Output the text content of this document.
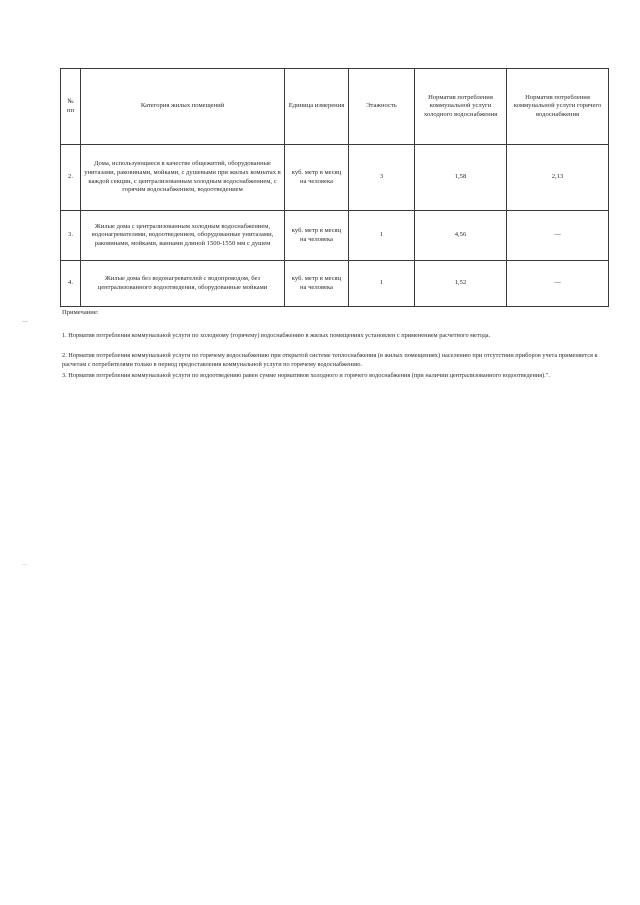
№ пп	Категория жилых помещений	Единица измерения	Этажность	Норматив потребления коммунальной услуги холодного водоснабжения	Норматив потребления коммунальной услуги горячего водоснабжения
2.	Дома, использующиеся в качестве общежитий, оборудованные унитазами, раковинами, мойками, с душевыми при жилых комнатах в каждой секции, с централизованным холодным водоснабжением, с горячим водоснабжением, водоотведением	куб. метр в месяц на человека	3	1,58	2,13
3.	Жилые дома с централизованным холодным водоснабжением, водонагревателями, водоотведением, оборудованные унитазами, раковинами, мойками, ваннами длиной 1500-1550 мм с душем	куб. метр в месяц на человека	1	4,56	—
4.	Жилые дома без водонагревателей с водопроводом, без централизованного водоотведения, оборудованные мойками	куб. метр в месяц на человека	1	1,52	—
Примечание:
1. Норматив потребления коммунальной услуги по холодному (горячему) водоснабжению в жилых помещениях установлен с применением расчетного метода.
2. Норматив потребления коммунальной услуги по горячему водоснабжению при открытой системе теплоснабжения (в жилых помещениях) населению при отсутствии приборов учета применяется к расчетам с потребителями только в период предоставления коммунальной услуги по горячему водоснабжению.
3. Норматив потребления коммунальной услуги по водоотведению равен сумме нормативов холодного и горячего водоснабжения (при наличии централизованного водоотведения).".
—
···
